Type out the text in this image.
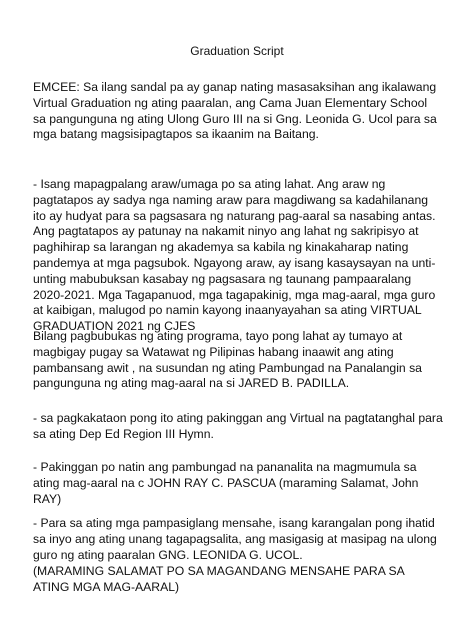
Graduation Script

EMCEE: Sa ilang sandal pa ay ganap nating masasaksihan ang ikalawang Virtual Graduation ng ating paaralan, ang Cama Juan Elementary School sa pangunguna ng ating Ulong Guro III na si Gng. Leonida G. Ucol para sa mga batang magsisipagtapos sa ikaanim na Baitang.

- Isang mapagpalang araw/umaga po sa ating lahat. Ang araw ng pagtatapos ay sadya nga naming araw para magdiwang sa kadahilanang ito ay hudyat para sa pagsasara ng naturang pag-aaral sa nasabing antas. Ang pagtatapos ay patunay na nakamit ninyo ang lahat ng sakripisyo at paghihirap sa larangan ng akademya sa kabila ng kinakaharap nating pandemya at mga pagsubok. Ngayong araw, ay isang kasaysayan na unti-unting mabubuksan kasabay ng pagsasara ng taunang pampaaralang 2020-2021. Mga Tagapanuod, mga tagapakinig, mga mag-aaral, mga guro at kaibigan, malugod po namin kayong inaanyayahan sa ating VIRTUAL GRADUATION 2021 ng CJES

Bilang pagbubukas ng ating programa, tayo pong lahat ay tumayo at magbigay pugay sa Watawat ng Pilipinas habang inaawit ang ating pambansang awit , na susundan ng ating Pambungad na Panalangin sa pangunguna ng ating mag-aaral na si JARED B. PADILLA.

- sa pagkakataon pong ito ating pakinggan ang Virtual na pagtatanghal para sa ating Dep Ed Region III Hymn.

- Pakinggan po natin ang pambungad na pananalita na magmumula sa ating mag-aaral na c JOHN RAY C. PASCUA (maraming Salamat, John RAY)

- Para sa ating mga pampasiglang mensahe, isang karangalan pong ihatid sa inyo ang ating unang tagapagsalita, ang masigasig at masipag na ulong guro ng ating paaralan GNG. LEONIDA G. UCOL.

(MARAMING SALAMAT PO SA MAGANDANG MENSAHE PARA SA ATING MGA MAG-AARAL)
